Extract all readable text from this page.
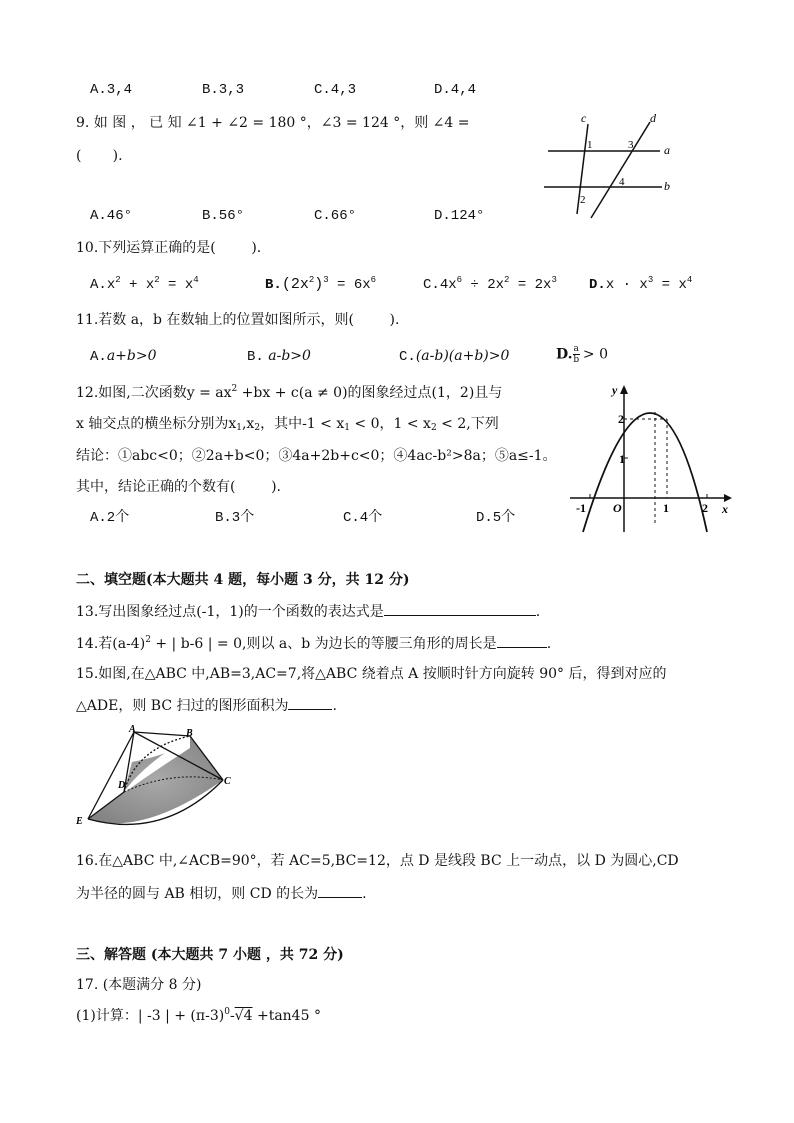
A.3,4	B.3,3	C.4,3	D.4,4
9. 如 图 ， 已 知 ∠1 + ∠2 = 180 °，∠3 = 124 °，则 ∠4 =
(       ).
c	d
a
b
1
2
3
4
A.46°	B.56°	C.66°	D.124°
10.下列运算正确的是(        ).
$A.x^2 + x^2 = x^4$	$B.(2x^2)^3 = 6x^6$	$C.4x^6 \div 2x^2 = 2x^3$ $D.x \cdot x^3 = x^4$
11.若数 a，b 在数轴上的位置如图所示，则(        ).
A.a+b>0	B. a-b>0	C.(a-b)(a+b)>0	D. $\frac{a}{b} > 0$
12.如图,二次函数$y = ax^2 +bx + c(a \ne 0)$的图象经过点(1，2)且与
x 轴交点的横坐标分别为$x_1,x_2$，其中$-1 < x_1 < 0$，$1 < x_2 < 2$,下列
结论：①abc<0；②2a+b<0；③4a+2b+c<0；④4ac-b²>8a；⑤a≤-1。
其中，结论正确的个数有(        ).
A.2个	B.3个	C.4个	D.5个
y
x
O
-1	1	2
2
1
二、填空题(本大题共 4 题，每小题 3 分，共 12 分)
13.写出图象经过点(-1，1)的一个函数的表达式是	.
14.若$(a-4)^2$ + | b-6 | = 0,则以 a、b 为边长的等腰三角形的周长是	.
15.如图,在△ABC 中,AB=3,AC=7,将△ABC 绕着点 A 按顺时针方向旋转 90° 后，得到对应的
△ADE，则 BC 扫过的图形面积为	.
A	B
C
D
E
16.在△ABC 中,∠ACB=90°，若 AC=5,BC=12，点 D 是线段 BC 上一动点，以 D 为圆心,CD
为半径的圆与 AB 相切，则 CD 的长为	.
三、解答题 (本大题共 7 小题 ，共 72 分)
17. (本题满分 8 分)
(1)计算：| -3 | + $(\pi-3)^0-√4 +\tan 45$ °
